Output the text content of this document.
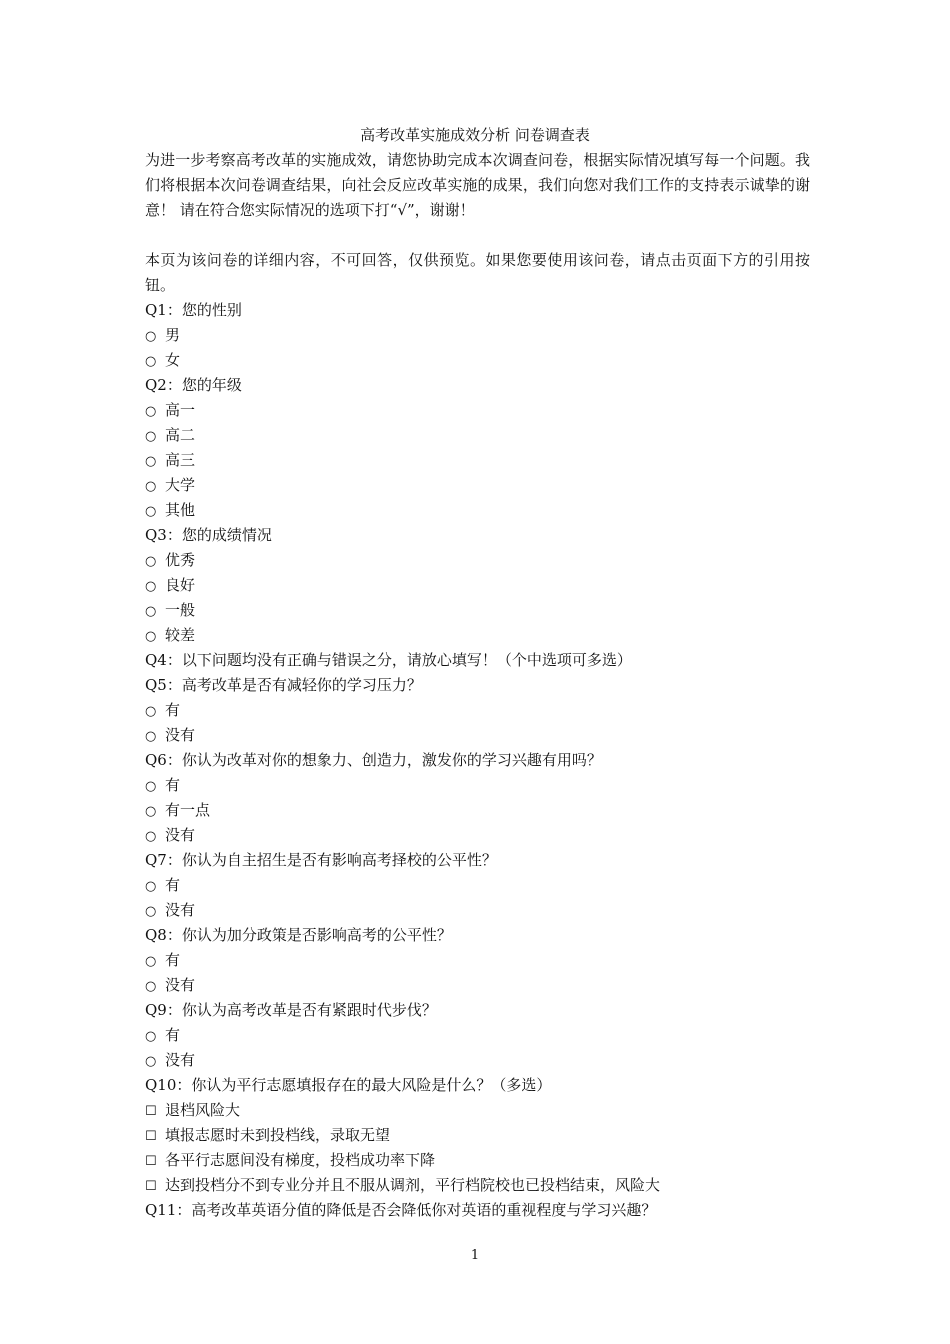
高考改革实施成效分析 问卷调查表

为进一步考察高考改革的实施成效，请您协助完成本次调查问卷，根据实际情况填写每一个问题。我们将根据本次问卷调查结果，向社会反应改革实施的成果，我们向您对我们工作的支持表示诚挚的谢意！ 请在符合您实际情况的选项下打“√”，谢谢！

本页为该问卷的详细内容，不可回答，仅供预览。如果您要使用该问卷，请点击页面下方的引用按钮。

Q1：您的性别
○ 男
○ 女
Q2：您的年级
○ 高一
○ 高二
○ 高三
○ 大学
○ 其他
Q3：您的成绩情况
○ 优秀
○ 良好
○ 一般
○ 较差
Q4：以下问题均没有正确与错误之分，请放心填写！（个中选项可多选）
Q5：高考改革是否有减轻你的学习压力？
○ 有
○ 没有
Q6：你认为改革对你的想象力、创造力，激发你的学习兴趣有用吗？
○ 有
○ 有一点
○ 没有
Q7：你认为自主招生是否有影响高考择校的公平性？
○ 有
○ 没有
Q8：你认为加分政策是否影响高考的公平性？
○ 有
○ 没有
Q9：你认为高考改革是否有紧跟时代步伐？
○ 有
○ 没有
Q10：你认为平行志愿填报存在的最大风险是什么？（多选）
☐ 退档风险大
☐ 填报志愿时未到投档线，录取无望
☐ 各平行志愿间没有梯度，投档成功率下降
☐ 达到投档分不到专业分并且不服从调剂，平行档院校也已投档结束，风险大
Q11：高考改革英语分值的降低是否会降低你对英语的重视程度与学习兴趣？
1
